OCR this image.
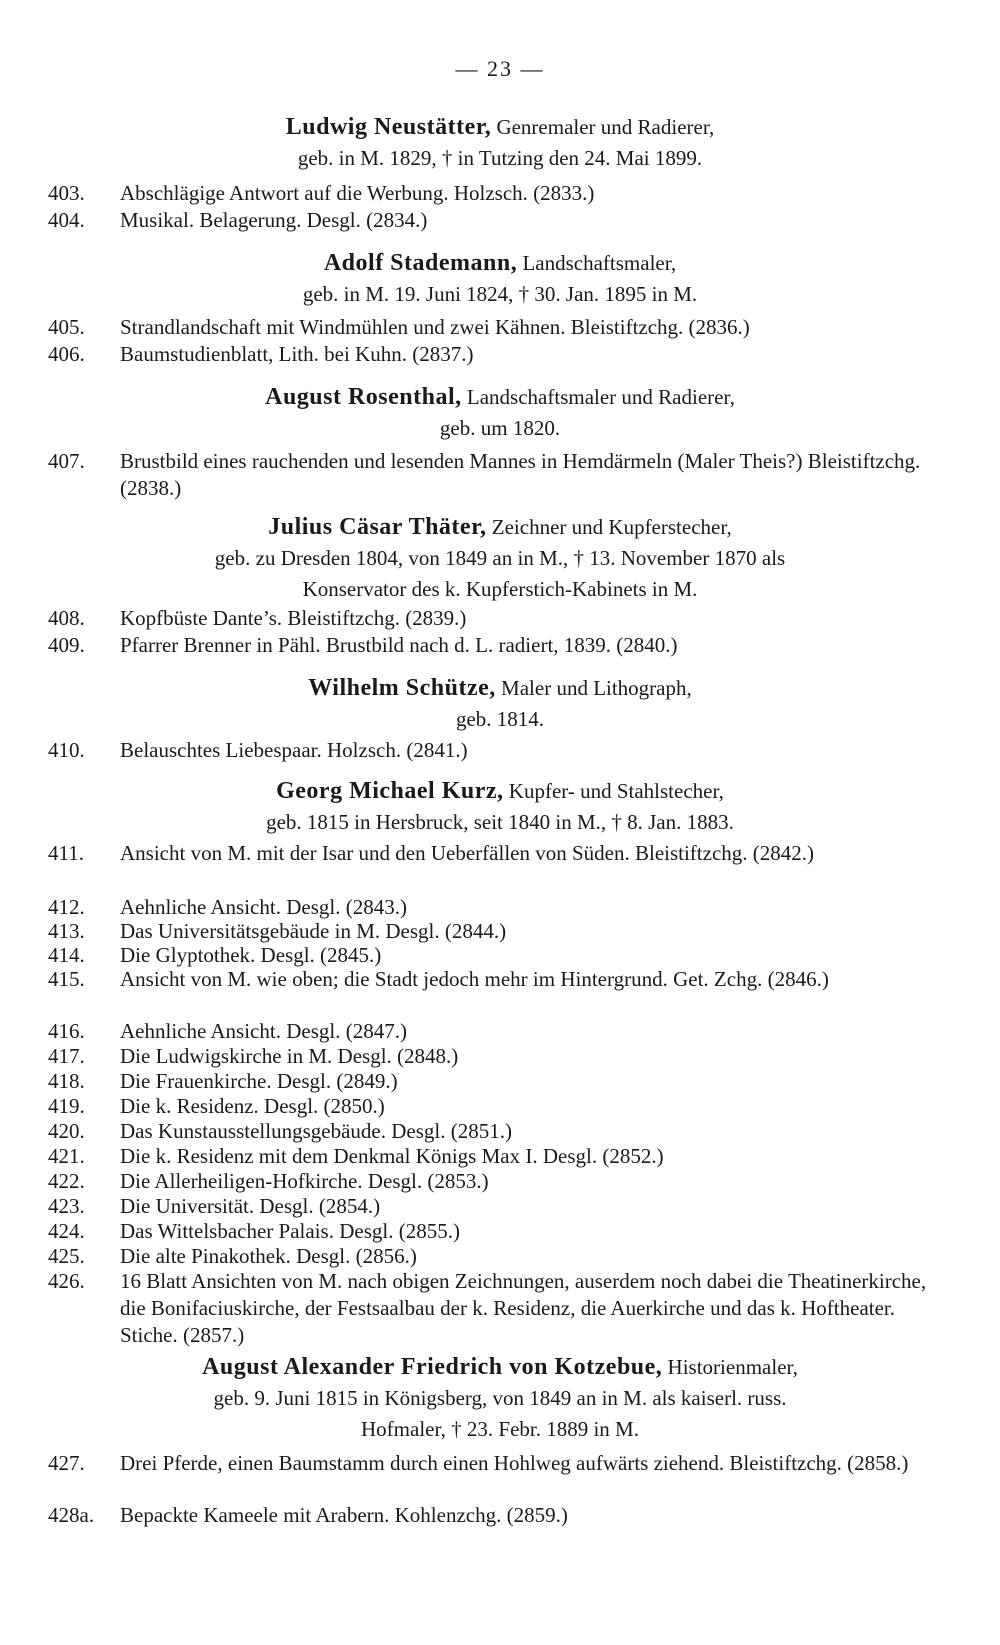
— 23 —
Ludwig Neustätter, Genremaler und Radierer,
geb. in M. 1829, † in Tutzing den 24. Mai 1899.
403.	Abschlägige Antwort auf die Werbung. Holzsch. (2833.)
404.	Musikal. Belagerung. Desgl. (2834.)
Adolf Stademann, Landschaftsmaler,
geb. in M. 19. Juni 1824, † 30. Jan. 1895 in M.
405.	Strandlandschaft mit Windmühlen und zwei Kähnen. Bleistiftzchg. (2836.)
406.	Baumstudienblatt, Lith. bei Kuhn. (2837.)
August Rosenthal, Landschaftsmaler und Radierer,
geb. um 1820.
407.	Brustbild eines rauchenden und lesenden Mannes in Hemdärmeln (Maler Theis?) Bleistiftzchg. (2838.)
Julius Cäsar Thäter, Zeichner und Kupferstecher,
geb. zu Dresden 1804, von 1849 an in M., † 13. November 1870 als
Konservator des k. Kupferstich-Kabinets in M.
408.	Kopfbüste Dante’s. Bleistiftzchg. (2839.)
409.	Pfarrer Brenner in Pähl. Brustbild nach d. L. radiert, 1839. (2840.)
Wilhelm Schütze, Maler und Lithograph,
geb. 1814.
410.	Belauschtes Liebespaar. Holzsch. (2841.)
Georg Michael Kurz, Kupfer- und Stahlstecher,
geb. 1815 in Hersbruck, seit 1840 in M., † 8. Jan. 1883.
411.	Ansicht von M. mit der Isar und den Ueberfällen von Süden. Bleistiftzchg. (2842.)
412.	Aehnliche Ansicht. Desgl. (2843.)
413.	Das Universitätsgebäude in M. Desgl. (2844.)
414.	Die Glyptothek. Desgl. (2845.)
415.	Ansicht von M. wie oben; die Stadt jedoch mehr im Hintergrund. Get. Zchg. (2846.)
416.	Aehnliche Ansicht. Desgl. (2847.)
417.	Die Ludwigskirche in M. Desgl. (2848.)
418.	Die Frauenkirche. Desgl. (2849.)
419.	Die k. Residenz. Desgl. (2850.)
420.	Das Kunstausstellungsgebäude. Desgl. (2851.)
421.	Die k. Residenz mit dem Denkmal Königs Max I. Desgl. (2852.)
422.	Die Allerheiligen-Hofkirche. Desgl. (2853.)
423.	Die Universität. Desgl. (2854.)
424.	Das Wittelsbacher Palais. Desgl. (2855.)
425.	Die alte Pinakothek. Desgl. (2856.)
426.	16 Blatt Ansichten von M. nach obigen Zeichnungen, auserdem noch dabei die Theatinerkirche, die Bonifaciuskirche, der Festsaalbau der k. Residenz, die Auerkirche und das k. Hoftheater. Stiche. (2857.)
August Alexander Friedrich von Kotzebue, Historienmaler,
geb. 9. Juni 1815 in Königsberg, von 1849 an in M. als kaiserl. russ.
Hofmaler, † 23. Febr. 1889 in M.
427.	Drei Pferde, einen Baumstamm durch einen Hohlweg aufwärts ziehend. Bleistiftzchg. (2858.)
428a.	Bepackte Kameele mit Arabern. Kohlenzchg. (2859.)
